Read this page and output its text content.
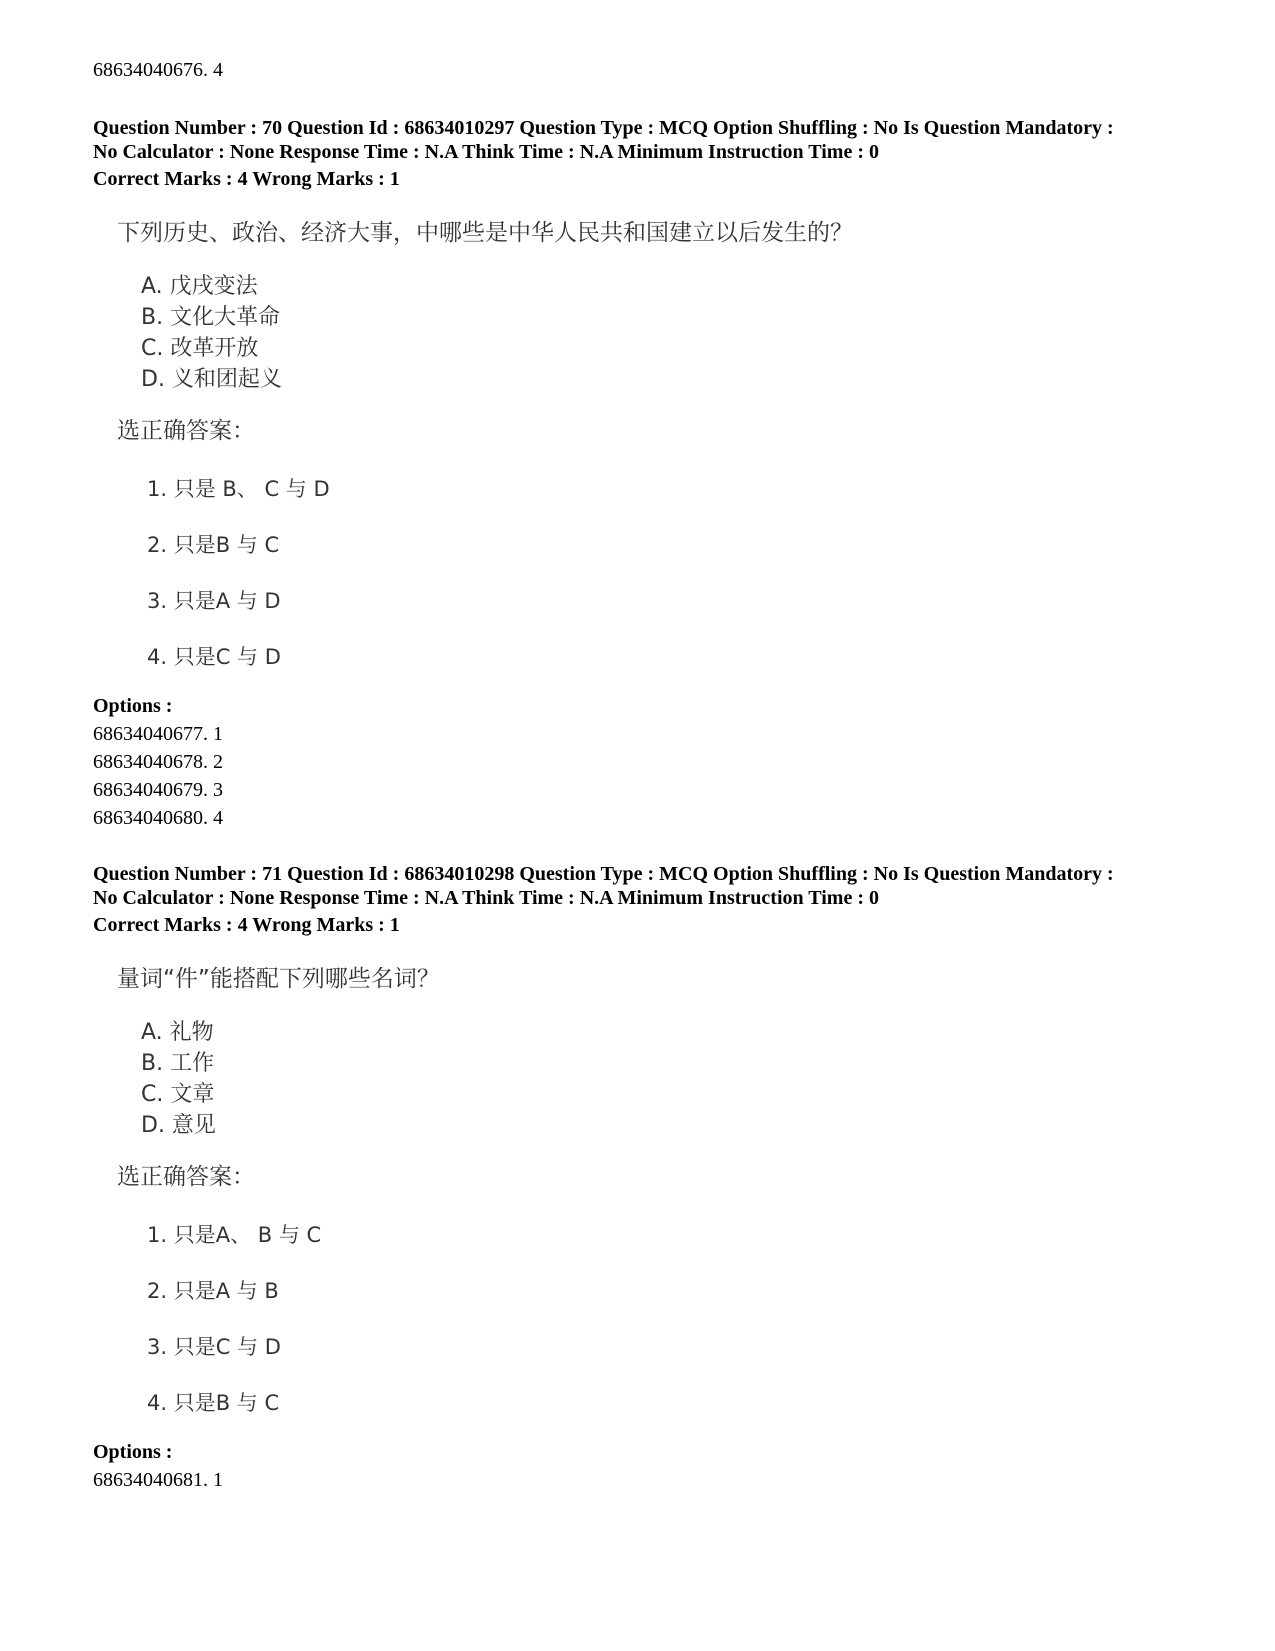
68634040676. 4
Question Number : 70 Question Id : 68634010297 Question Type : MCQ Option Shuffling : No Is Question Mandatory :
No Calculator : None Response Time : N.A Think Time : N.A Minimum Instruction Time : 0
Correct Marks : 4 Wrong Marks : 1
下列历史、政治、经济大事，中哪些是中华人民共和国建立以后发生的？
A. 戊戌变法
B. 文化大革命
C. 改革开放
D. 义和团起义
选正确答案：
1. 只是 B、 C 与 D
2. 只是B 与 C
3. 只是A 与 D
4. 只是C 与 D
Options :
68634040677. 1
68634040678. 2
68634040679. 3
68634040680. 4
Question Number : 71 Question Id : 68634010298 Question Type : MCQ Option Shuffling : No Is Question Mandatory :
No Calculator : None Response Time : N.A Think Time : N.A Minimum Instruction Time : 0
Correct Marks : 4 Wrong Marks : 1
量词“件”能搭配下列哪些名词？
A. 礼物
B. 工作
C. 文章
D. 意见
选正确答案：
1. 只是A、 B 与 C
2. 只是A 与 B
3. 只是C 与 D
4. 只是B 与 C
Options :
68634040681. 1
